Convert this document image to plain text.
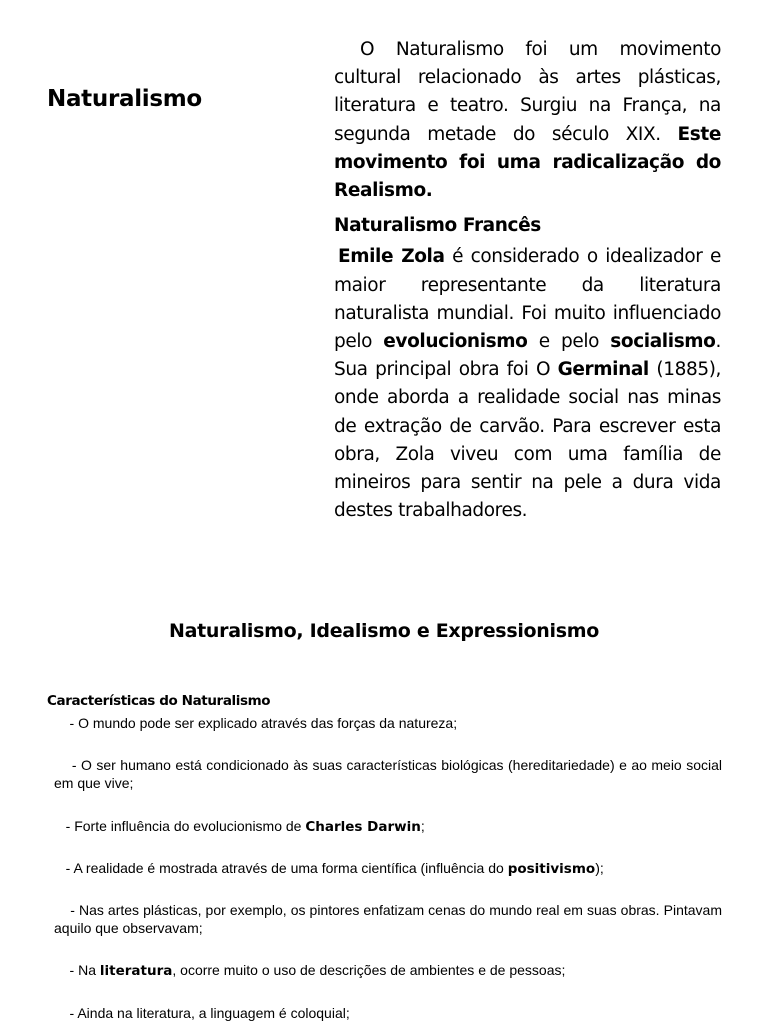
Naturalismo

O Naturalismo foi um movimento cultural relacionado às artes plásticas, literatura e teatro. Surgiu na França, na segunda metade do século XIX. Este movimento foi uma radicalização do Realismo.

Naturalismo Francês

Emile Zola é considerado o idealizador e maior representante da literatura naturalista mundial. Foi muito influenciado pelo evolucionismo e pelo socialismo. Sua principal obra foi O Germinal (1885), onde aborda a realidade social nas minas de extração de carvão. Para escrever esta obra, Zola viveu com uma família de mineiros para sentir na pele a dura vida destes trabalhadores.

Naturalismo, Idealismo e Expressionismo
Características do Naturalismo

- O mundo pode ser explicado através das forças da natureza;

- O ser humano está condicionado às suas características biológicas (hereditariedade) e ao meio social em que vive;

- Forte influência do evolucionismo de Charles Darwin;

- A realidade é mostrada através de uma forma científica (influência do positivismo);

- Nas artes plásticas, por exemplo, os pintores enfatizam cenas do mundo real em suas obras. Pintavam aquilo que observavam;

- Na literatura, ocorre muito o uso de descrições de ambientes e de pessoas;

- Ainda na literatura, a linguagem é coloquial;
